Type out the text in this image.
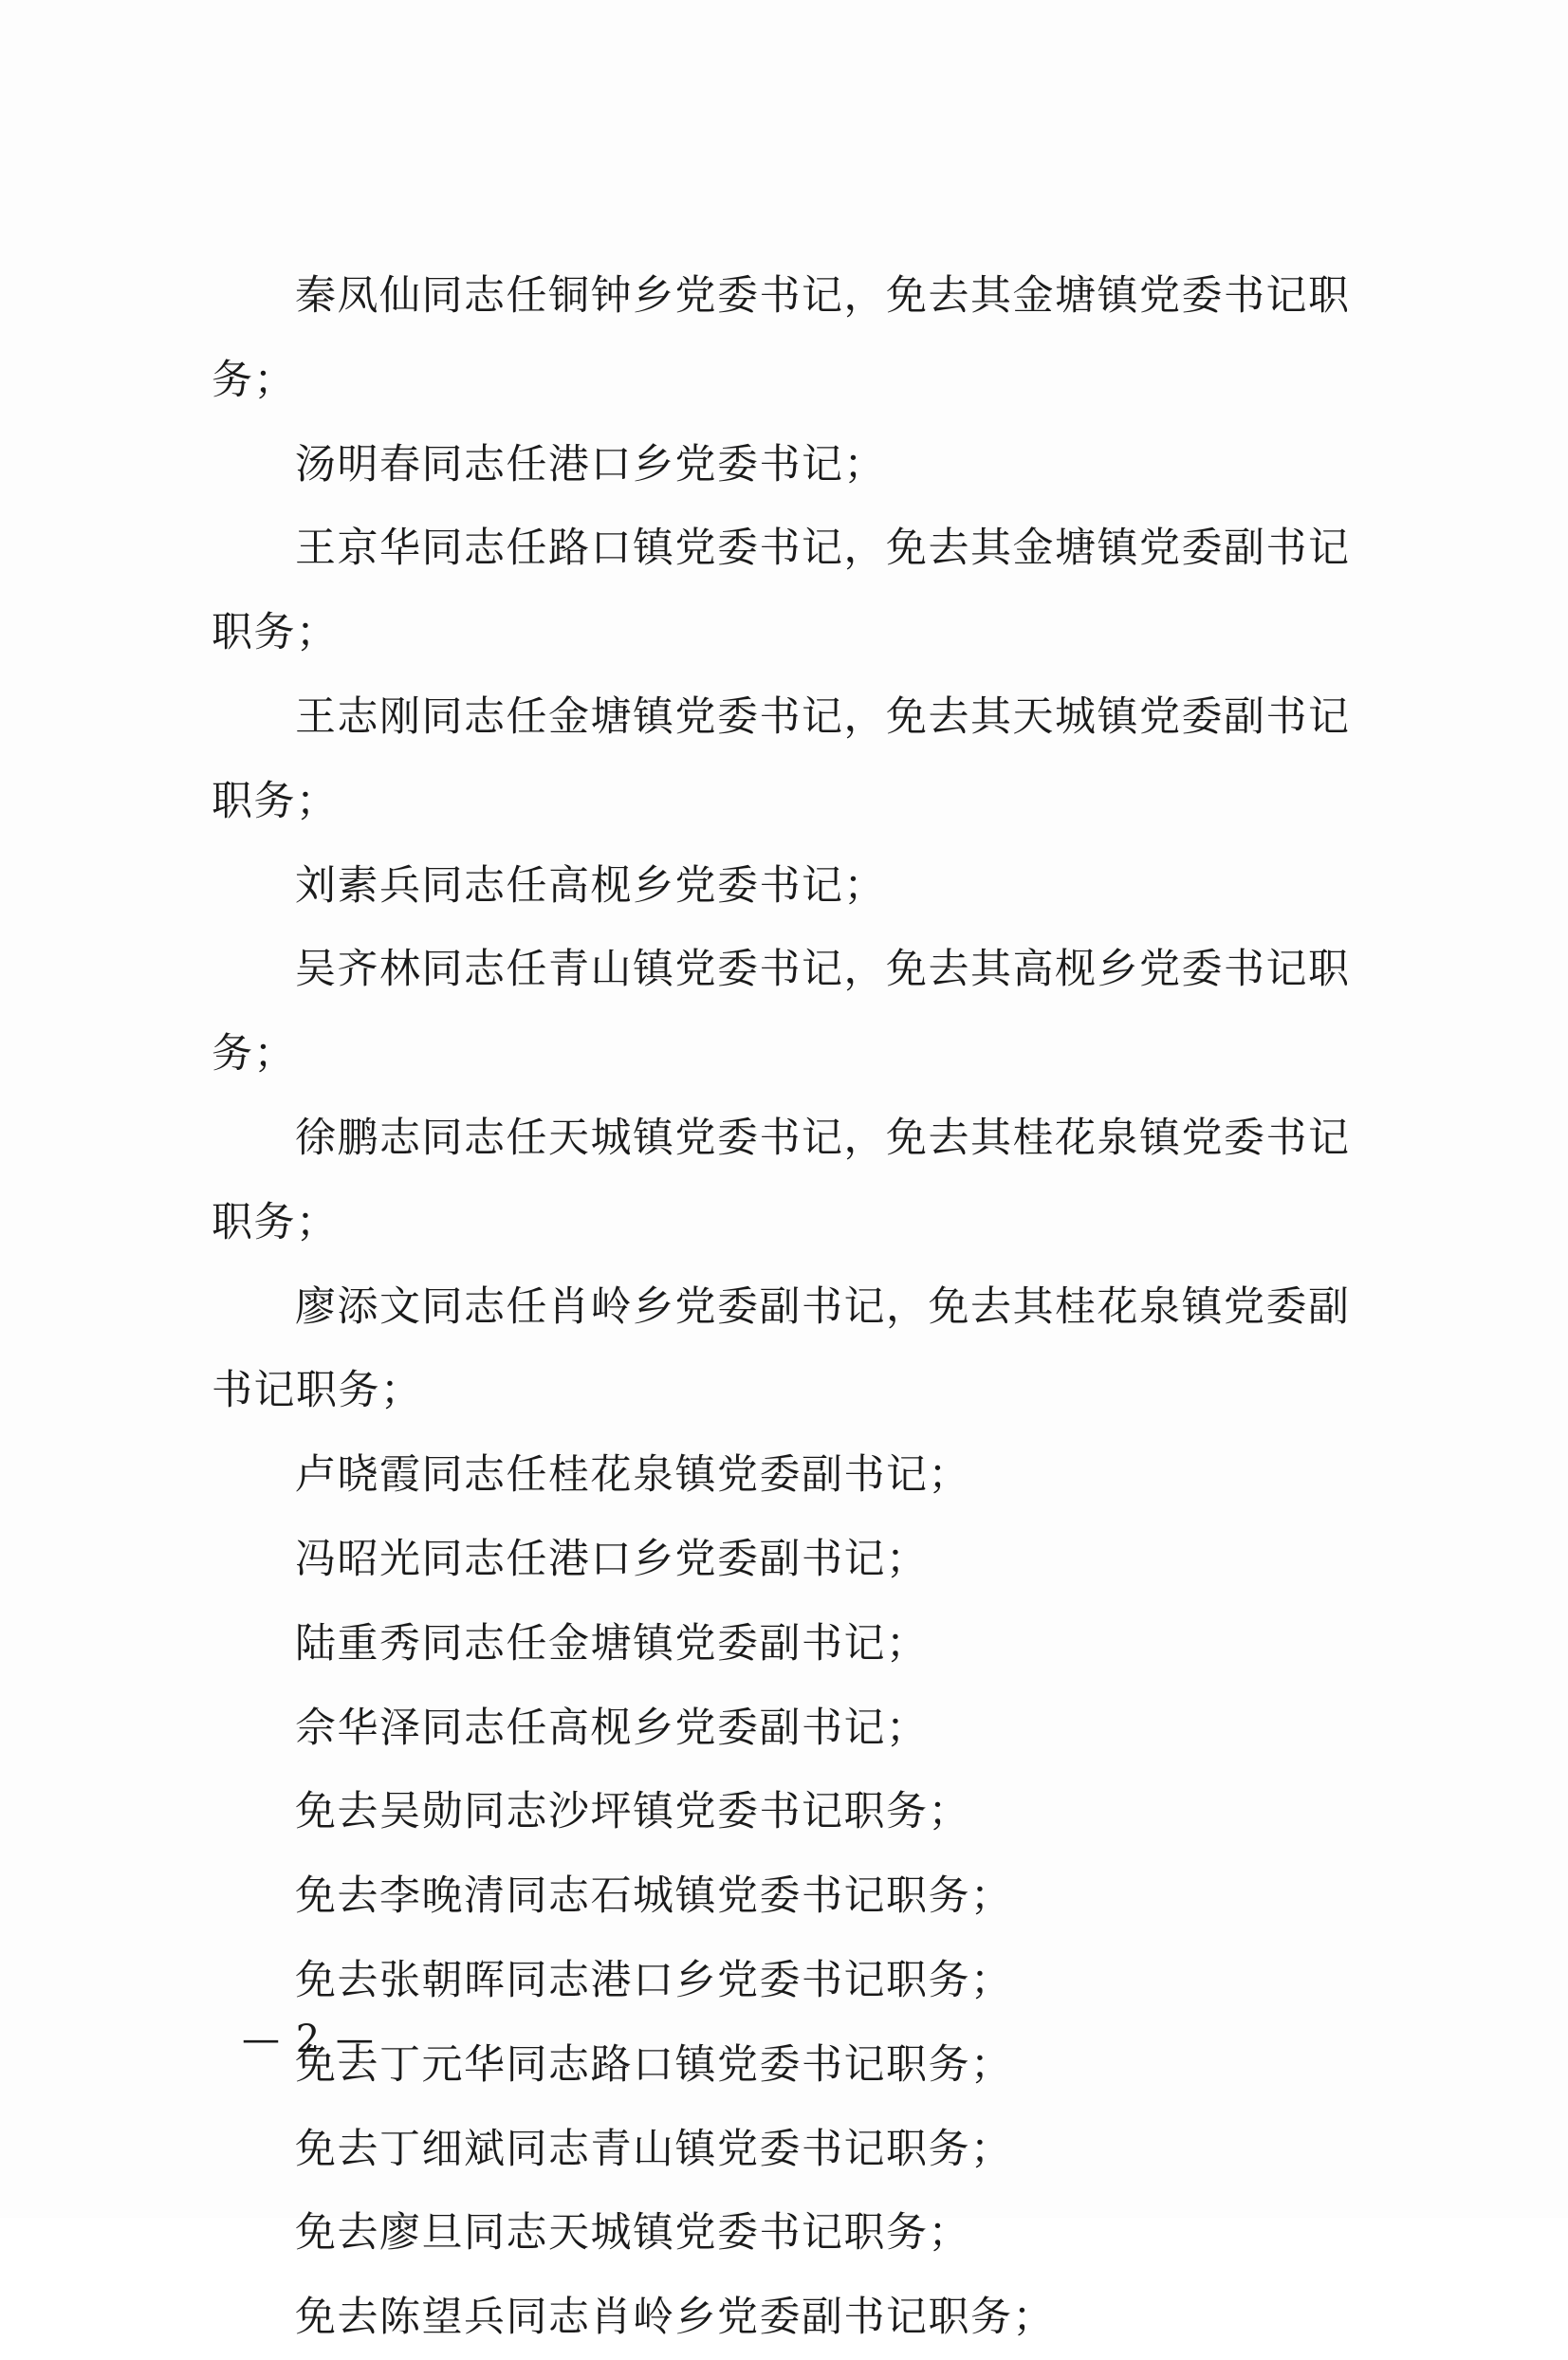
秦凤仙同志任铜钟乡党委书记，免去其金塘镇党委书记职务；

汤明春同志任港口乡党委书记；

王京华同志任路口镇党委书记，免去其金塘镇党委副书记职务；

王志刚同志任金塘镇党委书记，免去其天城镇党委副书记职务；

刘素兵同志任高枧乡党委书记；

吴齐林同志任青山镇党委书记，免去其高枧乡党委书记职务；

徐鹏志同志任天城镇党委书记，免去其桂花泉镇党委书记职务；

廖添文同志任肖岭乡党委副书记，免去其桂花泉镇党委副书记职务；

卢晓霞同志任桂花泉镇党委副书记；

冯昭光同志任港口乡党委副书记；

陆重秀同志任金塘镇党委副书记；

佘华泽同志任高枧乡党委副书记；

免去吴勋同志沙坪镇党委书记职务；

免去李晚清同志石城镇党委书记职务；

免去张朝晖同志港口乡党委书记职务；

免去丁元华同志路口镇党委书记职务；

免去丁细斌同志青山镇党委书记职务；

免去廖旦同志天城镇党委书记职务；

免去陈望兵同志肖岭乡党委副书记职务；

— 2 —
